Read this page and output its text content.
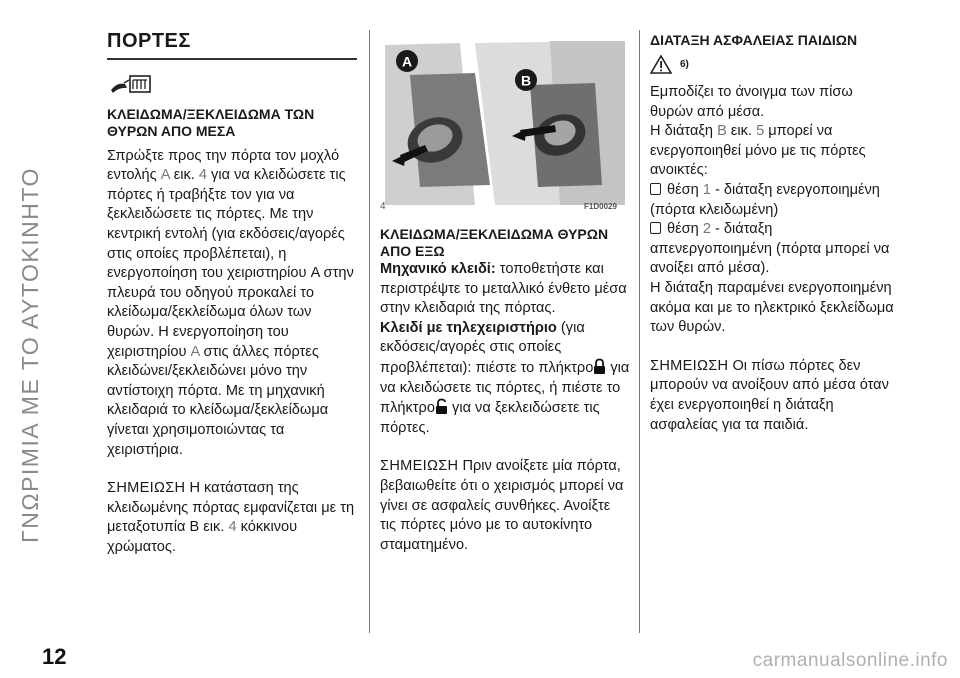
ΓΝΩΡΙΜΙΑ ΜΕ ΤΟ ΑΥΤΟΚΙΝΗΤΟ
12	carmanualsonline.info
ΠΟΡΤΕΣ
ΚΛΕΙΔΩΜΑ/ΞΕΚΛΕΙΔΩΜΑ ΤΩΝ ΘΥΡΩΝ ΑΠΟ ΜΕΣΑ

Σπρώξτε προς την πόρτα τον μοχλό εντολής A εικ. 4 για να κλειδώσετε τις πόρτες ή τραβήξτε τον για να ξεκλειδώσετε τις πόρτες. Με την κεντρική εντολή (για εκδόσεις/αγορές στις οποίες προβλέπεται), η ενεργοποίηση του χειριστηρίου A στην πλευρά του οδηγού προκαλεί το κλείδωμα/ξεκλείδωμα όλων των θυρών. Η ενεργοποίηση του χειριστηρίου A στις άλλες πόρτες κλειδώνει/ξεκλειδώνει μόνο την αντίστοιχη πόρτα. Με τη μηχανική κλειδαριά το κλείδωμα/ξεκλείδωμα γίνεται χρησιμοποιώντας τα χειριστήρια.

ΣΗΜΕΙΩΣΗ Η κατάσταση της κλειδωμένης πόρτας εμφανίζεται με τη μεταξοτυπία B εικ. 4 κόκκινου χρώματος.

A
B
4	F1D0029
ΚΛΕΙΔΩΜΑ/ΞΕΚΛΕΙΔΩΜΑ ΘΥΡΩΝ ΑΠΟ ΕΞΩ

Μηχανικό κλειδί: τοποθετήστε και περιστρέψτε το μεταλλικό ένθετο μέσα στην κλειδαριά της πόρτας.

Κλειδί με τηλεχειριστήριο (για εκδόσεις/αγορές στις οποίες προβλέπεται): πιέστε το πλήκτρο για να κλειδώσετε τις πόρτες, ή πιέστε το πλήκτρο για να ξεκλειδώσετε τις πόρτες.

ΣΗΜΕΙΩΣΗ Πριν ανοίξετε μία πόρτα, βεβαιωθείτε ότι ο χειρισμός μπορεί να γίνει σε ασφαλείς συνθήκες. Ανοίξτε τις πόρτες μόνο με το αυτοκίνητο σταματημένο.

ΔΙΑΤΑΞΗ ΑΣΦΑΛΕΙΑΣ ΠΑΙΔΙΩΝ
6)

Εμποδίζει το άνοιγμα των πίσω θυρών από μέσα.

Η διάταξη B εικ. 5 μπορεί να ενεργοποιηθεί μόνο με τις πόρτες ανοικτές:

θέση 1 - διάταξη ενεργοποιημένη (πόρτα κλειδωμένη)

θέση 2 - διάταξη απενεργοποιημένη (πόρτα μπορεί να ανοίξει από μέσα).

Η διάταξη παραμένει ενεργοποιημένη ακόμα και με το ηλεκτρικό ξεκλείδωμα των θυρών.

ΣΗΜΕΙΩΣΗ Οι πίσω πόρτες δεν μπορούν να ανοίξουν από μέσα όταν έχει ενεργοποιηθεί η διάταξη ασφαλείας για τα παιδιά.
